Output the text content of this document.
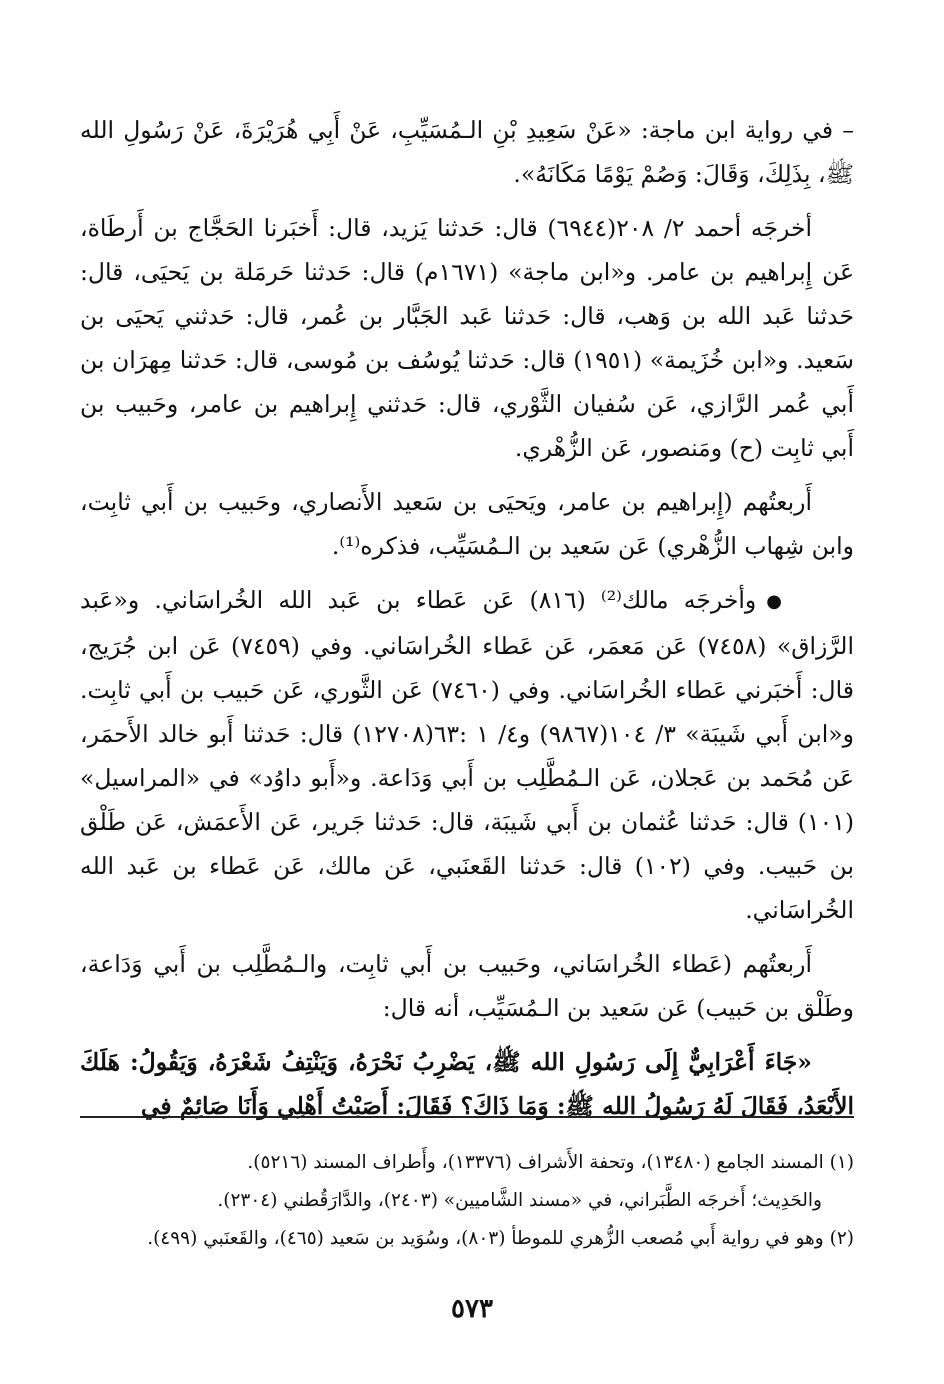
– في رواية ابن ماجة: «عَنْ سَعِيدِ بْنِ الـمُسَيِّبِ، عَنْ أَبِي هُرَيْرَةَ، عَنْ رَسُولِ الله ﷺ، بِذَلِكَ، وَقَالَ: وَصُمْ يَوْمًا مَكَانَهُ».

أخرجَه أحمد ٢/ ٢٠٨(٦٩٤٤) قال: حَدثنا يَزيد، قال: أَخبَرنا الحَجَّاج بن أَرطَاة، عَن إِبراهيم بن عامر. و«ابن ماجة» (١٦٧١م) قال: حَدثنا حَرمَلة بن يَحيَى، قال: حَدثنا عَبد الله بن وَهب، قال: حَدثنا عَبد الجَبَّار بن عُمر، قال: حَدثني يَحيَى بن سَعيد. و«ابن خُزَيمة» (١٩٥١) قال: حَدثنا يُوسُف بن مُوسى، قال: حَدثنا مِهرَان بن أَبي عُمر الرَّازي، عَن سُفيان الثَّوْري، قال: حَدثني إِبراهيم بن عامر، وحَبيب بن أَبي ثابِت (ح) ومَنصور، عَن الزُّهْري.

أَربعتُهم (إِبراهيم بن عامر، ويَحيَى بن سَعيد الأَنصاري، وحَبيب بن أَبي ثابِت، وابن شِهاب الزُّهْري) عَن سَعيد بن الـمُسَيِّب، فذكره⁽¹⁾.

●وأخرجَه مالك⁽²⁾ (٨١٦) عَن عَطاء بن عَبد الله الخُراسَاني. و«عَبد الرَّزاق» (٧٤٥٨) عَن مَعمَر، عَن عَطاء الخُراسَاني. وفي (٧٤٥٩) عَن ابن جُرَيج، قال: أَخبَرني عَطاء الخُراسَاني. وفي (٧٤٦٠) عَن الثَّوري، عَن حَبيب بن أَبي ثابِت. و«ابن أَبي شَيبَة» ٣/ ١٠٤(٩٨٦٧) و٤/ ١ :٦٣(١٢٧٠٨) قال: حَدثنا أَبو خالد الأَحمَر، عَن مُحَمد بن عَجلان، عَن الـمُطَّلِب بن أَبي وَدَاعة. و«أَبو داوُد» في «المراسيل» (١٠١) قال: حَدثنا عُثمان بن أَبي شَيبَة، قال: حَدثنا جَرير، عَن الأَعمَش، عَن طَلْق بن حَبيب. وفي (١٠٢) قال: حَدثنا القَعنَبي، عَن مالك، عَن عَطاء بن عَبد الله الخُراسَاني.

أَربعتُهم (عَطاء الخُراسَاني، وحَبيب بن أَبي ثابِت، والـمُطَّلِب بن أَبي وَدَاعة، وطَلْق بن حَبيب) عَن سَعيد بن الـمُسَيِّب، أنه قال:

«جَاءَ أَعْرَابِيٌّ إِلَى رَسُولِ الله ﷺ، يَضْرِبُ نَحْرَهُ، وَيَنْتِفُ شَعْرَهُ، وَيَقُولُ: هَلَكَ الأَبْعَدُ، فَقَالَ لَهُ رَسُولُ الله ﷺ: وَمَا ذَاكَ؟ فَقَالَ: أَصَبْتُ أَهْلِي وَأَنَا صَائِمٌ فِي

(١) المسند الجامع (١٣٤٨٠)، وتحفة الأَشراف (١٣٣٧٦)، وأَطراف المسند (٥٢١٦).

والحَدِيث؛ أَخرجَه الطَّبَراني، في «مسند الشَّاميين» (٢٤٠٣)، والدَّارَقُطني (٢٣٠٤).

(٢) وهو في رواية أَبي مُصعب الزُّهري للموطأ (٨٠٣)، وسُوَيد بن سَعيد (٤٦٥)، والقَعنَبي (٤٩٩).

٥٧٣
